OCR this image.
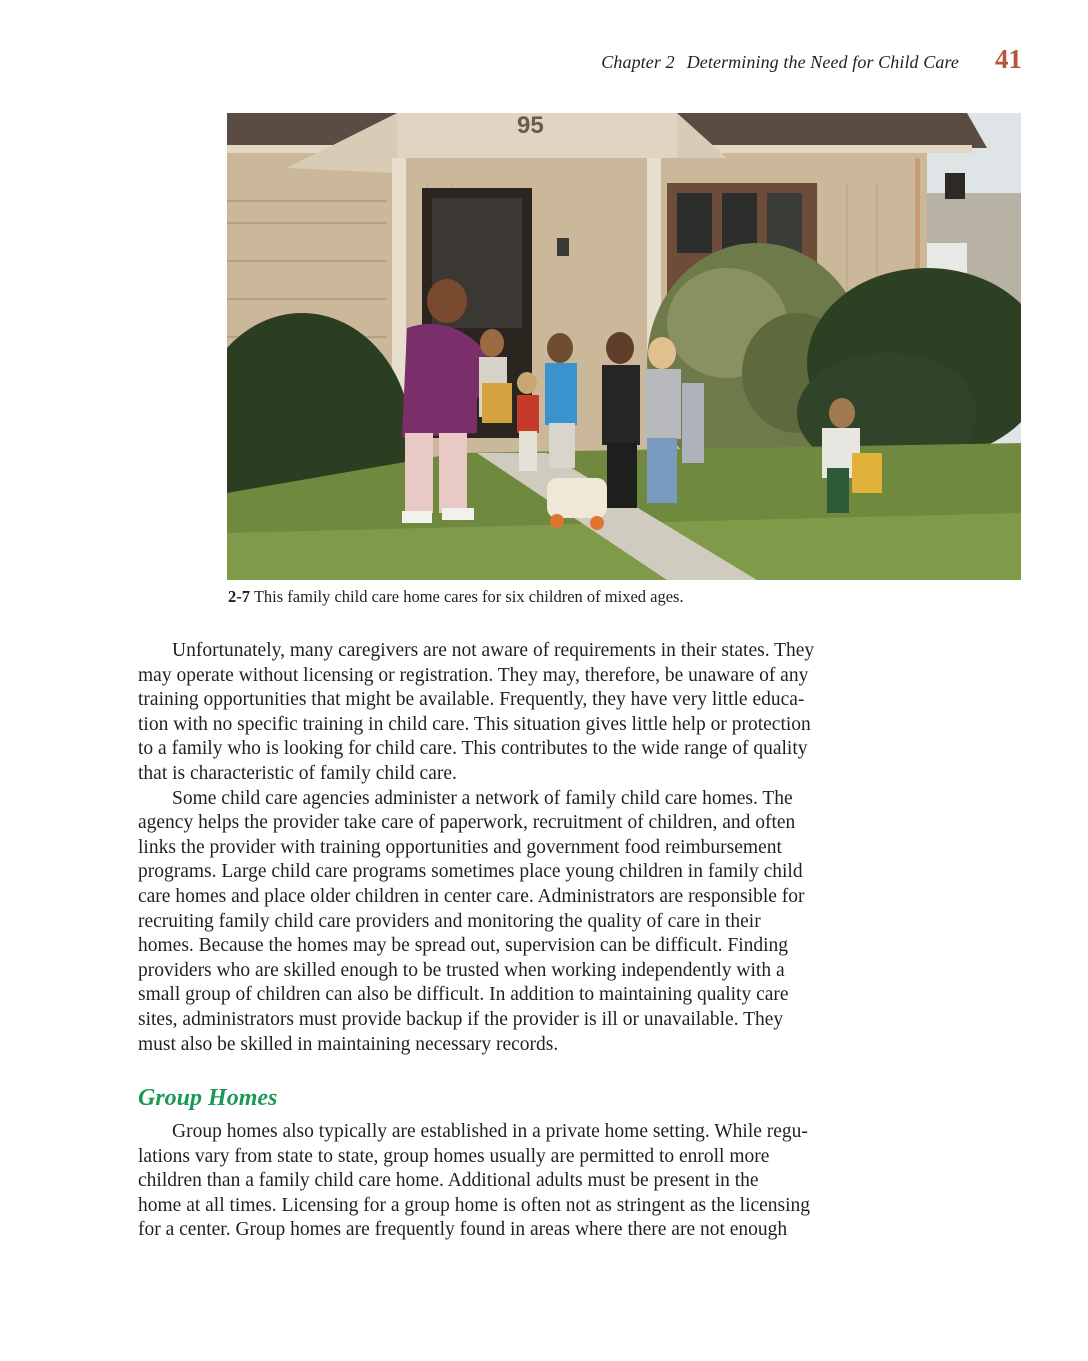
Chapter 2 Determining the Need for Child Care 41
95
2-7 This family child care home cares for six children of mixed ages.

Unfortunately, many caregivers are not aware of requirements in their states. They
may operate without licensing or registration. They may, therefore, be unaware of any
training opportunities that might be available. Frequently, they have very little educa-
tion with no specific training in child care. This situation gives little help or protection
to a family who is looking for child care. This contributes to the wide range of quality
that is characteristic of family child care.

Some child care agencies administer a network of family child care homes. The
agency helps the provider take care of paperwork, recruitment of children, and often
links the provider with training opportunities and government food reimbursement
programs. Large child care programs sometimes place young children in family child
care homes and place older children in center care. Administrators are responsible for
recruiting family child care providers and monitoring the quality of care in their
homes. Because the homes may be spread out, supervision can be difficult. Finding
providers who are skilled enough to be trusted when working independently with a
small group of children can also be difficult. In addition to maintaining quality care
sites, administrators must provide backup if the provider is ill or unavailable. They
must also be skilled in maintaining necessary records.

Group Homes

Group homes also typically are established in a private home setting. While regu-
lations vary from state to state, group homes usually are permitted to enroll more
children than a family child care home. Additional adults must be present in the
home at all times. Licensing for a group home is often not as stringent as the licensing
for a center. Group homes are frequently found in areas where there are not enough
